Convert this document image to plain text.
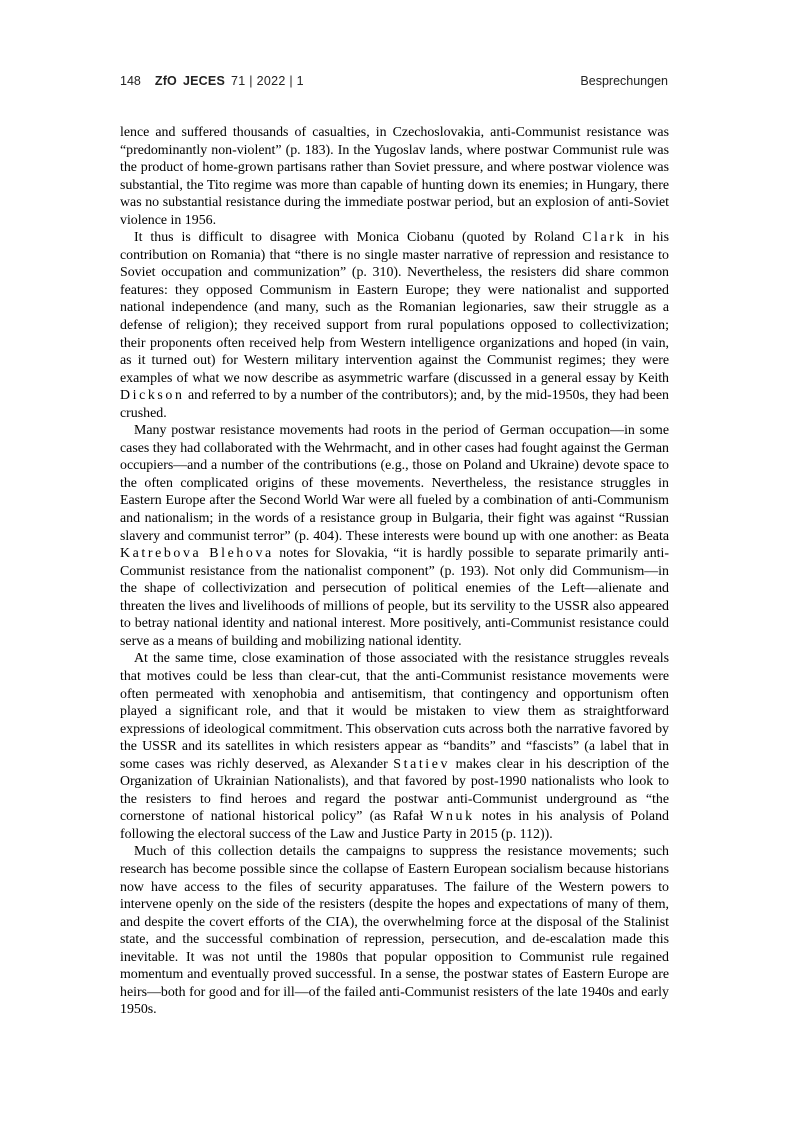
148 ZfO JECES 71 | 2022 | 1	Besprechungen

lence and suffered thousands of casualties, in Czechoslovakia, anti-Communist resistance was “predominantly non-violent” (p. 183). In the Yugoslav lands, where postwar Communist rule was the product of home-grown partisans rather than Soviet pressure, and where postwar violence was substantial, the Tito regime was more than capable of hunting down its enemies; in Hungary, there was no substantial resistance during the immediate postwar period, but an explosion of anti-Soviet violence in 1956.

It thus is difficult to disagree with Monica Ciobanu (quoted by Roland Clark in his contribution on Romania) that “there is no single master narrative of repression and resistance to Soviet occupation and communization” (p. 310). Nevertheless, the resisters did share common features: they opposed Communism in Eastern Europe; they were nationalist and supported national independence (and many, such as the Romanian legionaries, saw their struggle as a defense of religion); they received support from rural populations opposed to collectivization; their proponents often received help from Western intelligence organizations and hoped (in vain, as it turned out) for Western military intervention against the Communist regimes; they were examples of what we now describe as asymmetric warfare (discussed in a general essay by Keith Dickson and referred to by a number of the contributors); and, by the mid-1950s, they had been crushed.

Many postwar resistance movements had roots in the period of German occupation—in some cases they had collaborated with the Wehrmacht, and in other cases had fought against the German occupiers—and a number of the contributions (e.g., those on Poland and Ukraine) devote space to the often complicated origins of these movements. Nevertheless, the resistance struggles in Eastern Europe after the Second World War were all fueled by a combination of anti-Communism and nationalism; in the words of a resistance group in Bulgaria, their fight was against “Russian slavery and communist terror” (p. 404). These interests were bound up with one another: as Beata Katrebova Blehova notes for Slovakia, “it is hardly possible to separate primarily anti-Communist resistance from the nationalist component” (p. 193). Not only did Communism—in the shape of collectivization and persecution of political enemies of the Left—alienate and threaten the lives and livelihoods of millions of people, but its servility to the USSR also appeared to betray national identity and national interest. More positively, anti-Communist resistance could serve as a means of building and mobilizing national identity.

At the same time, close examination of those associated with the resistance struggles reveals that motives could be less than clear-cut, that the anti-Communist resistance movements were often permeated with xenophobia and antisemitism, that contingency and opportunism often played a significant role, and that it would be mistaken to view them as straightforward expressions of ideological commitment. This observation cuts across both the narrative favored by the USSR and its satellites in which resisters appear as “bandits” and “fascists” (a label that in some cases was richly deserved, as Alexander Statiev makes clear in his description of the Organization of Ukrainian Nationalists), and that favored by post-1990 nationalists who look to the resisters to find heroes and regard the postwar anti-Communist underground as “the cornerstone of national historical policy” (as Rafał Wnuk notes in his analysis of Poland following the electoral success of the Law and Justice Party in 2015 (p. 112)).

Much of this collection details the campaigns to suppress the resistance movements; such research has become possible since the collapse of Eastern European socialism because historians now have access to the files of security apparatuses. The failure of the Western powers to intervene openly on the side of the resisters (despite the hopes and expectations of many of them, and despite the covert efforts of the CIA), the overwhelming force at the disposal of the Stalinist state, and the successful combination of repression, persecution, and de-escalation made this inevitable. It was not until the 1980s that popular opposition to Communist rule regained momentum and eventually proved successful. In a sense, the postwar states of Eastern Europe are heirs—both for good and for ill—of the failed anti-Communist resisters of the late 1940s and early 1950s.
